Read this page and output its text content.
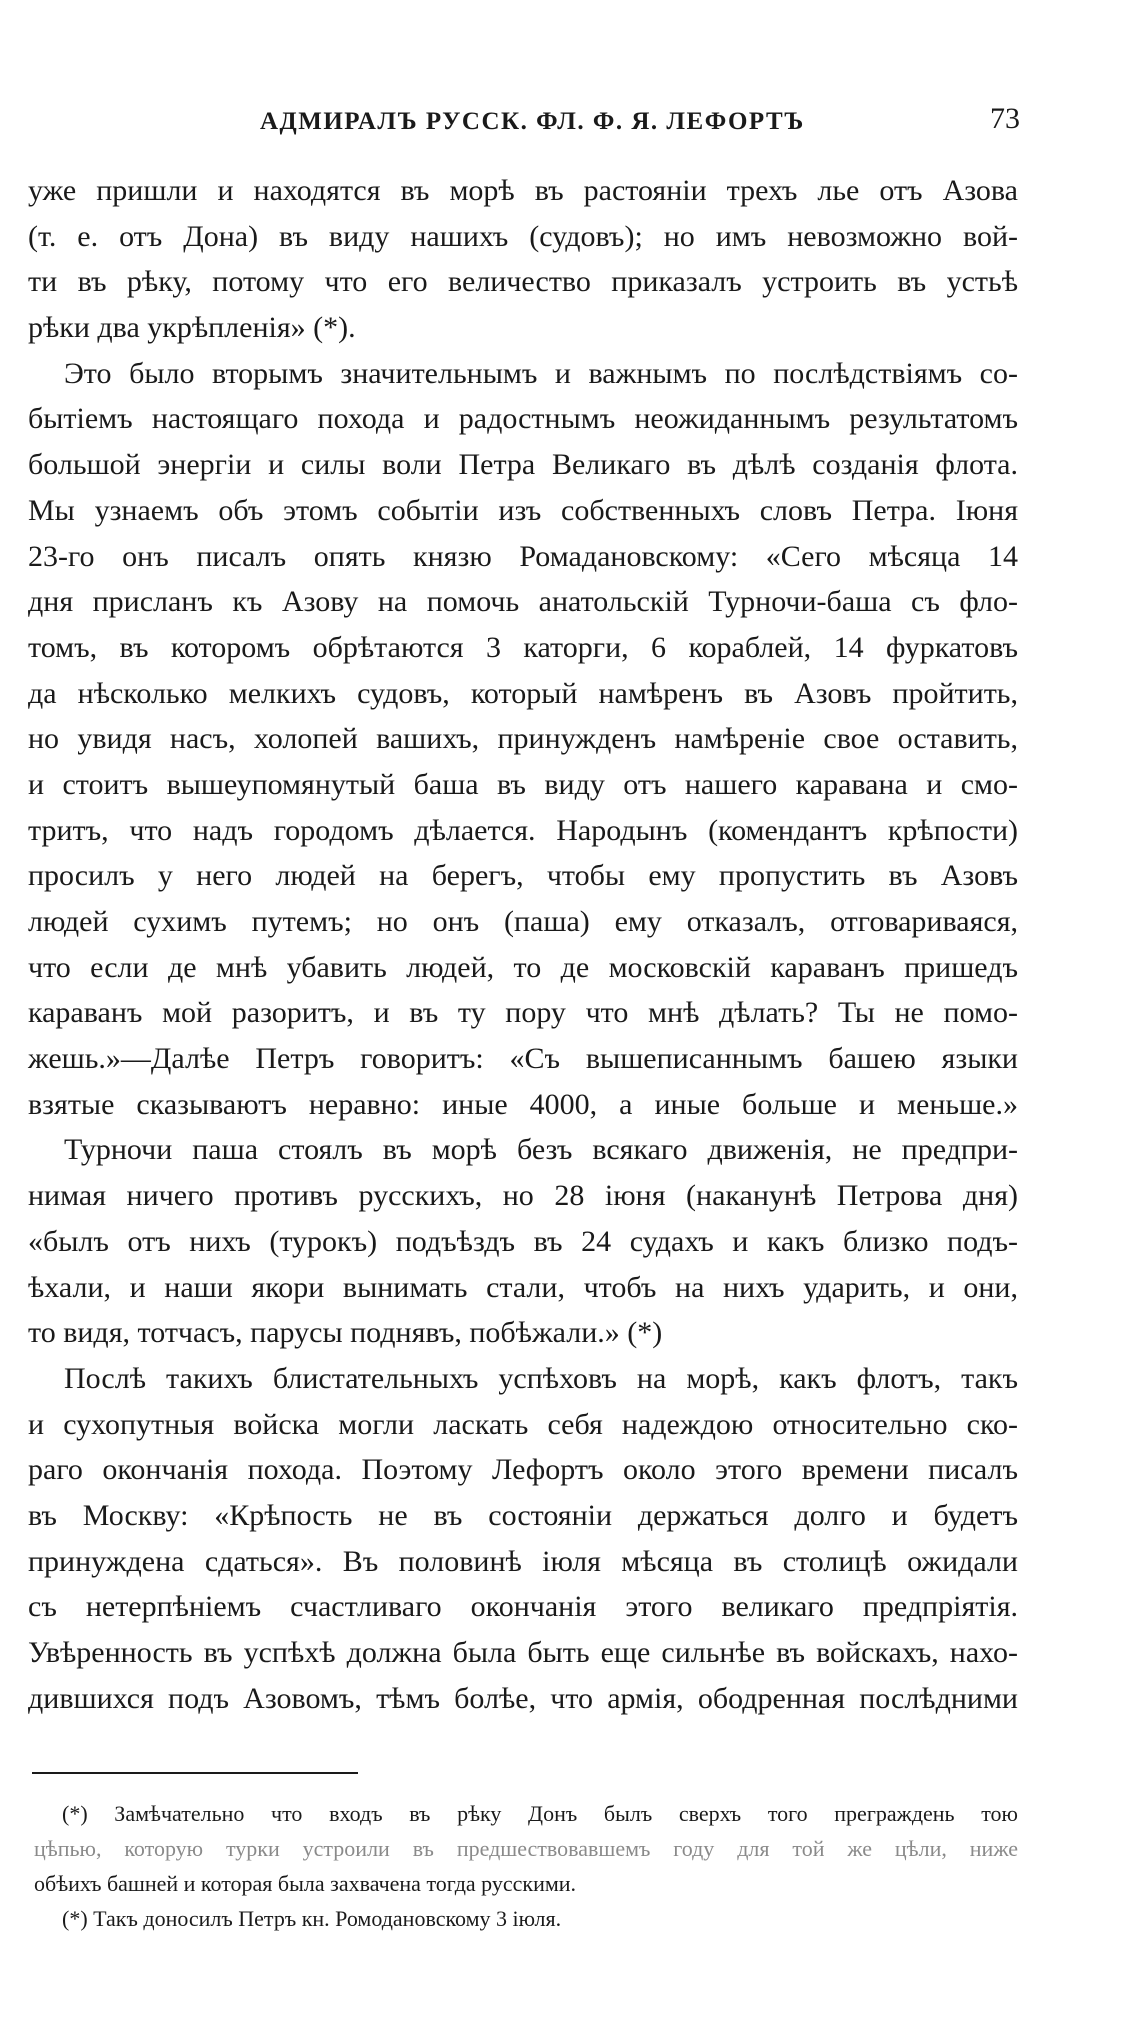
АДМИРАЛЪ РУССК. ФЛ. Ф. Я. ЛЕФОРТЪ	73
уже пришли и находятся въ морѣ въ растояніи трехъ лье отъ Азова
(т. е. отъ Дона) въ виду нашихъ (судовъ); но имъ невозможно вой-
ти въ рѣку, потому что его величество приказалъ устроить въ устьѣ
рѣки два укрѣпленія» (*).
Это было вторымъ значительнымъ и важнымъ по послѣдствіямъ со-
бытіемъ настоящаго похода и радостнымъ неожиданнымъ результатомъ
большой энергіи и силы воли Петра Великаго въ дѣлѣ созданія флота.
Мы узнаемъ объ этомъ событіи изъ собственныхъ словъ Петра. Іюня
23-го онъ писалъ опять князю Ромадановскому: «Сего мѣсяца 14
дня присланъ къ Азову на помочь анатольскій Турночи-баша съ фло-
томъ, въ которомъ обрѣтаются 3 каторги, 6 кораблей, 14 фуркатовъ
да нѣсколько мелкихъ судовъ, который намѣренъ въ Азовъ пройтить,
но увидя насъ, холопей вашихъ, принужденъ намѣреніе свое оставить,
и стоитъ вышеупомянутый баша въ виду отъ нашего каравана и смо-
тритъ, что надъ городомъ дѣлается. Народынъ (комендантъ крѣпости)
просилъ у него людей на берегъ, чтобы ему пропустить въ Азовъ
людей сухимъ путемъ; но онъ (паша) ему отказалъ, отговариваяся,
что если де мнѣ убавить людей, то де московскій караванъ пришедъ
караванъ мой разоритъ, и въ ту пору что мнѣ дѣлать? Ты не помо-
жешь.»—Далѣе Петръ говоритъ: «Съ вышеписаннымъ башею языки
взятые сказываютъ неравно: иные 4000, а иные больше и меньше.»
Турночи паша стоялъ въ морѣ безъ всякаго движенія, не предпри-
нимая ничего противъ русскихъ, но 28 іюня (наканунѣ Петрова дня)
«былъ отъ нихъ (турокъ) подъѣздъ въ 24 судахъ и какъ близко подъ-
ѣхали, и наши якори вынимать стали, чтобъ на нихъ ударить, и они,
то видя, тотчасъ, парусы поднявъ, побѣжали.» (*)
Послѣ такихъ блистательныхъ успѣховъ на морѣ, какъ флотъ, такъ
и сухопутныя войска могли ласкать себя надеждою относительно ско-
раго окончанія похода. Поэтому Лефортъ около этого времени писалъ
въ Москву: «Крѣпость не въ состояніи держаться долго и будетъ
принуждена сдаться». Въ половинѣ іюля мѣсяца въ столицѣ ожидали
съ нетерпѣніемъ счастливаго окончанія этого великаго предпріятія.
Увѣренность въ успѣхѣ должна была быть еще сильнѣе въ войскахъ, нахо-
дившихся подъ Азовомъ, тѣмъ болѣе, что армія, ободренная послѣдними
(*) Замѣчательно что входъ въ рѣку Донъ былъ сверхъ того преграждень тою
цѣпью, которую турки устроили въ предшествовавшемъ году для той же цѣли, ниже
обѣихъ башней и которая была захвачена тогда русскими.
(*) Такъ доносилъ Петръ кн. Ромодановскому 3 іюля.
